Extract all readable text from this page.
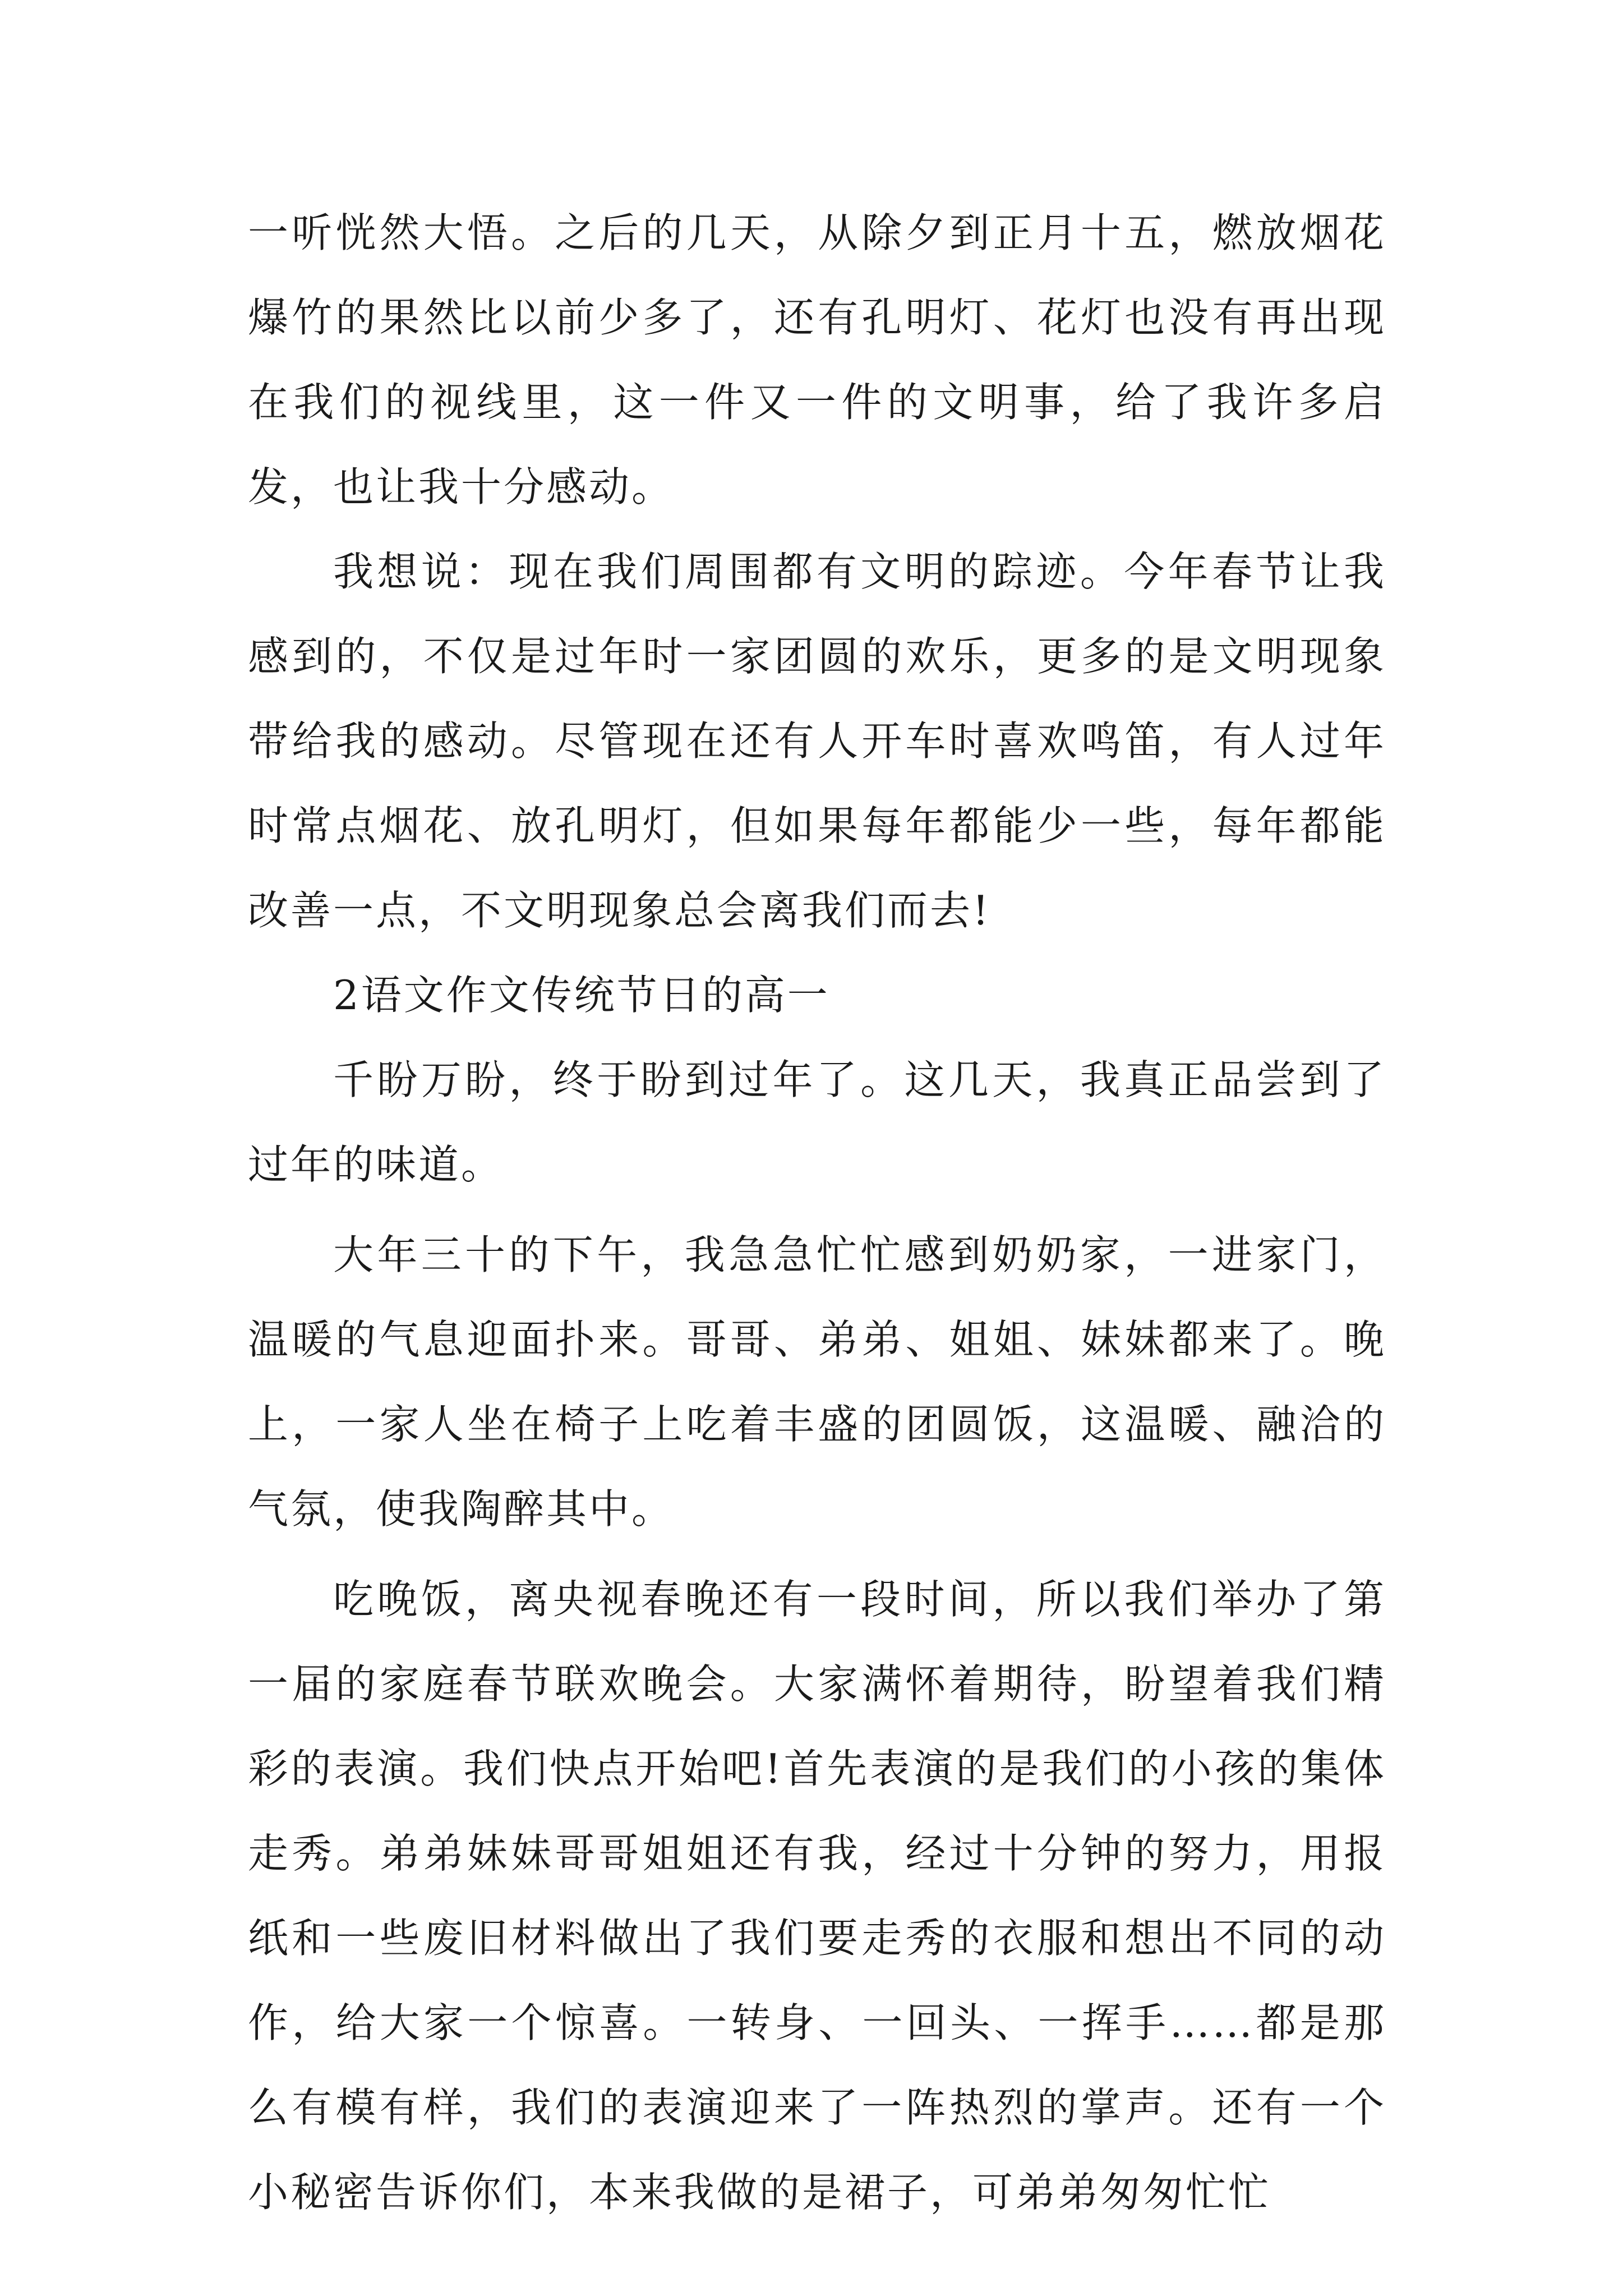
一听恍然大悟。之后的几天，从除夕到正月十五，燃放烟花爆竹的果然比以前少多了，还有孔明灯、花灯也没有再出现在我们的视线里，这一件又一件的文明事，给了我许多启发，也让我十分感动。

我想说：现在我们周围都有文明的踪迹。今年春节让我感到的，不仅是过年时一家团圆的欢乐，更多的是文明现象带给我的感动。尽管现在还有人开车时喜欢鸣笛，有人过年时常点烟花、放孔明灯，但如果每年都能少一些，每年都能改善一点，不文明现象总会离我们而去!

2语文作文传统节日的高一

千盼万盼，终于盼到过年了。这几天，我真正品尝到了过年的味道。

大年三十的下午，我急急忙忙感到奶奶家，一进家门，温暖的气息迎面扑来。哥哥、弟弟、姐姐、妹妹都来了。晚上，一家人坐在椅子上吃着丰盛的团圆饭，这温暖、融洽的气氛，使我陶醉其中。

吃晚饭，离央视春晚还有一段时间，所以我们举办了第一届的家庭春节联欢晚会。大家满怀着期待，盼望着我们精彩的表演。我们快点开始吧!首先表演的是我们的小孩的集体走秀。弟弟妹妹哥哥姐姐还有我，经过十分钟的努力，用报纸和一些废旧材料做出了我们要走秀的衣服和想出不同的动作，给大家一个惊喜。一转身、一回头、一挥手……都是那么有模有样，我们的表演迎来了一阵热烈的掌声。还有一个小秘密告诉你们，本来我做的是裙子，可弟弟匆匆忙忙
